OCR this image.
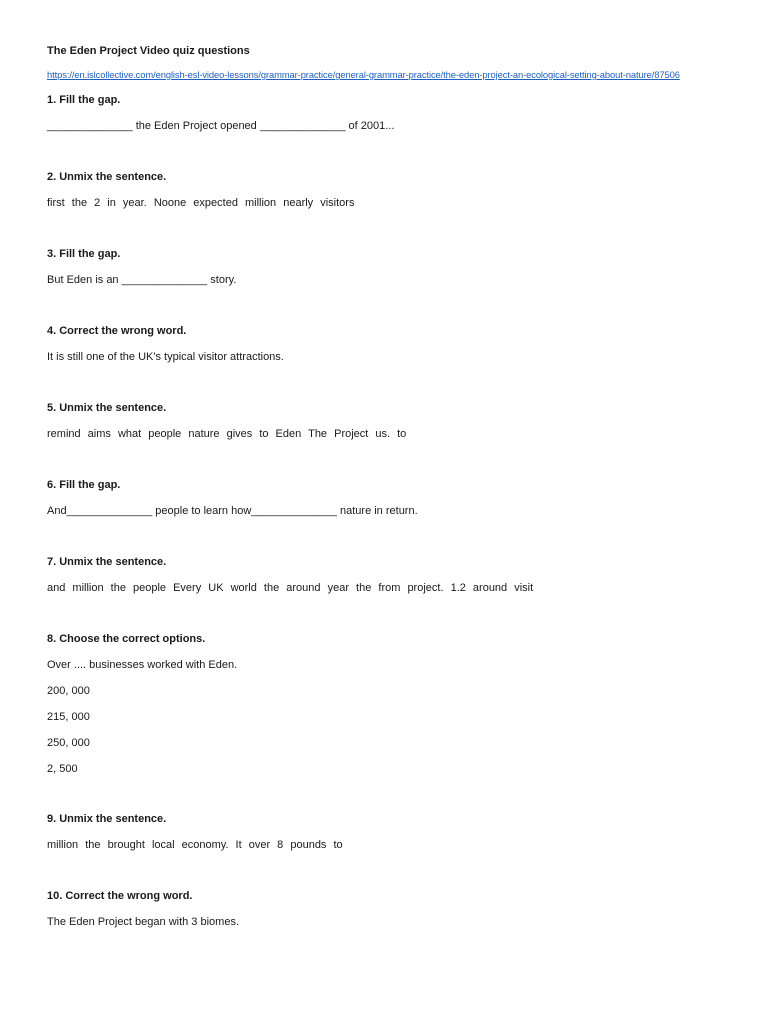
The Eden Project Video quiz questions
https://en.islcollective.com/english-esl-video-lessons/grammar-practice/general-grammar-practice/the-eden-project-an-ecological-setting-about-nature/87506
1. Fill the gap.
______________ the Eden Project opened ______________ of 2001...
2. Unmix the sentence.
first the 2 in year. Noone expected million nearly visitors
3. Fill the gap.
But Eden is an ______________ story.
4. Correct the wrong word.
It is still one of the UK's typical visitor attractions.
5. Unmix the sentence.
remind aims what people nature gives to Eden The Project us. to
6. Fill the gap.
And______________ people to learn how______________ nature in return.
7. Unmix the sentence.
and million the people Every UK world the around year the from project. 1.2 around visit
8. Choose the correct options.
Over .... businesses worked with Eden.
200, 000
215, 000
250, 000
2, 500
9. Unmix the sentence.
million the brought local economy. It over 8 pounds to
10. Correct the wrong word.
The Eden Project began with 3 biomes.
